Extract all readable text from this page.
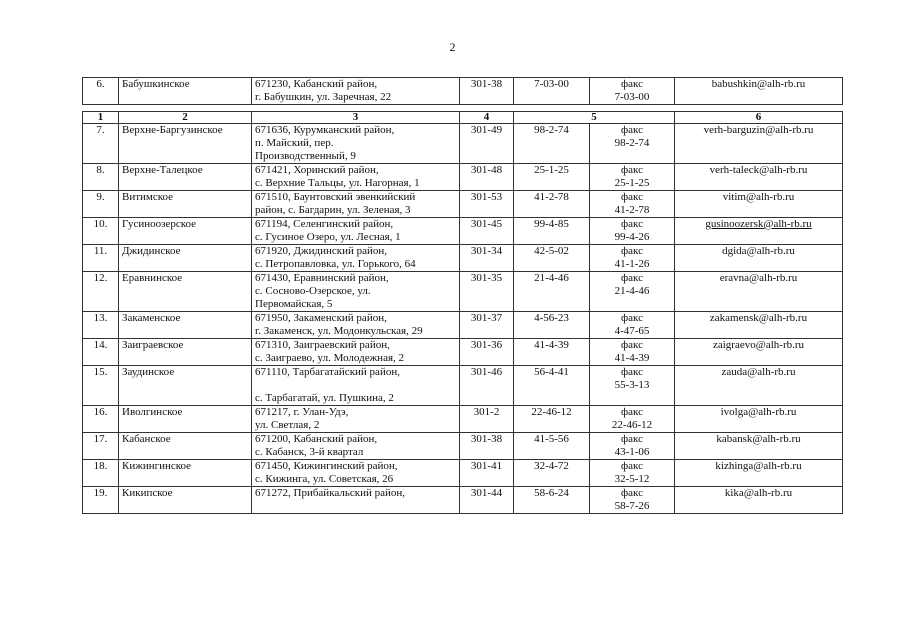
2
6.	Бабушкинское	671230, Кабанский район,
г. Бабушкин, ул. Заречная, 22
	301-38	7-03-00	факс
7-03-00
	babushkin@alh-rb.ru
1	2	3	4	5		6
7.	Верхне-Баргузинское	671636, Курумканский район,
п. Майский, пер.
Производственный, 9	301-49	98-2-74	факс
98-2-74	verh-barguzin@alh-rb.ru
8.	Верхне-Талецкое	671421, Хоринский район,
с. Верхние Тальцы, ул. Нагорная, 1	301-48	25-1-25	факс
25-1-25	verh-taleck@alh-rb.ru
9.	Витимское	671510, Баунтовский эвенкийский
район, с. Багдарин, ул. Зеленая, 3	301-53	41-2-78	факс
41-2-78	vitim@alh-rb.ru
10.	Гусиноозерское	671194, Селенгинский район,
с. Гусиное Озеро, ул. Лесная, 1	301-45	99-4-85	факс
99-4-26	gusinoozersk@alh-rb.ru
11.	Джидинское	671920, Джидинский район,
с. Петропавловка, ул. Горького, 64	301-34	42-5-02	факс
41-1-26	dgida@alh-rb.ru
12.	Еравнинское	671430, Еравнинский район,
с. Сосново-Озерское, ул.
Первомайская, 5	301-35	21-4-46	факс
21-4-46	eravna@alh-rb.ru
13.	Закаменское	671950, Закаменский район,
г. Закаменск, ул. Модонкульская, 29	301-37	4-56-23	факс
4-47-65	zakamensk@alh-rb.ru
14.	Заиграевское	671310, Заиграевский район,
с. Заиграево, ул. Молодежная, 2	301-36	41-4-39	факс
41-4-39	zaigraevo@alh-rb.ru
15.	Заудинское	671110, Тарбагатайский район,

с. Тарбагатай, ул. Пушкина, 2	301-46	56-4-41	факс
55-3-13	zauda@alh-rb.ru
16.	Иволгинское	671217, г. Улан-Удэ,
ул. Светлая, 2	301-2	22-46-12	факс
22-46-12	ivolga@alh-rb.ru
17.	Кабанское	671200, Кабанский район,
с. Кабанск, 3-й квартал	301-38	41-5-56	факс
43-1-06	kabansk@alh-rb.ru
18.	Кижингинское	671450, Кижингинский район,
с. Кижинга, ул. Советская, 26	301-41	32-4-72	факс
32-5-12	kizhinga@alh-rb.ru
19.	Кикипское	671272, Прибайкальский район,	301-44	58-6-24	факс
58-7-26	kika@alh-rb.ru
